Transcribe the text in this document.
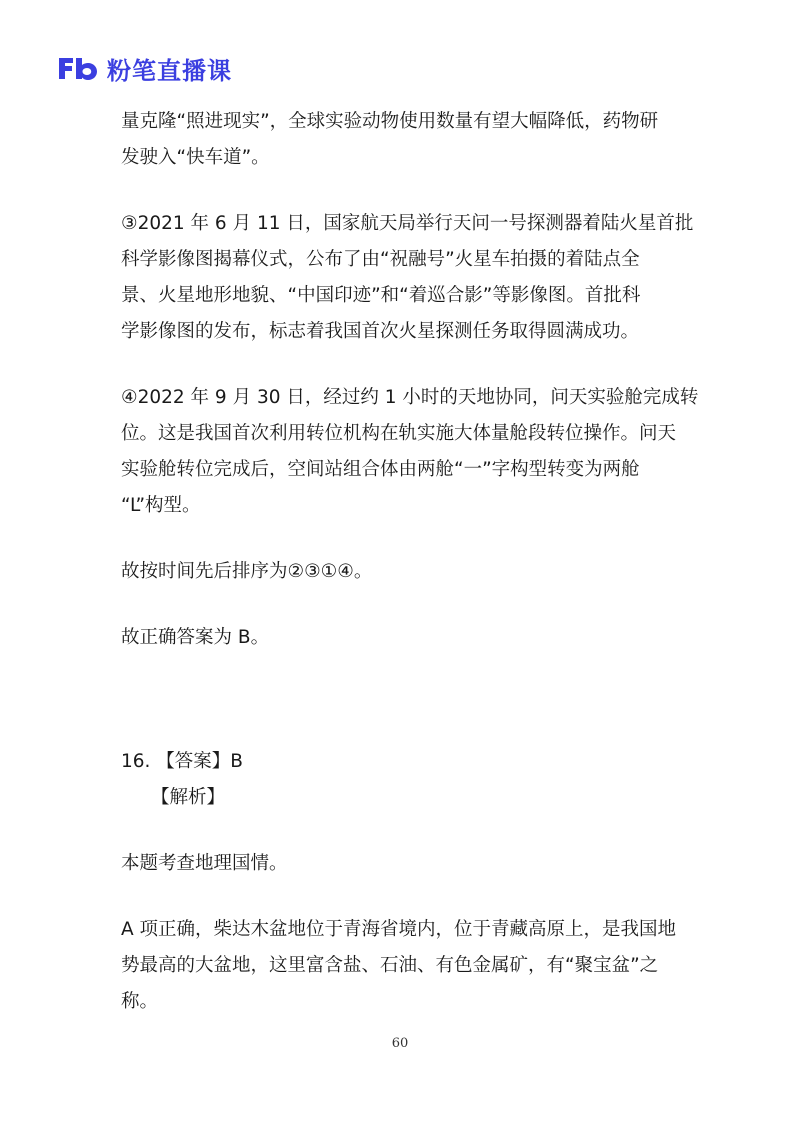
粉笔直播课
量克隆“照进现实”，全球实验动物使用数量有望大幅降低，药物研
发驶入“快车道”。
③2021 年 6 月 11 日，国家航天局举行天问一号探测器着陆火星首批
科学影像图揭幕仪式，公布了由“祝融号”火星车拍摄的着陆点全
景、火星地形地貌、“中国印迹”和“着巡合影”等影像图。首批科
学影像图的发布，标志着我国首次火星探测任务取得圆满成功。
④2022 年 9 月 30 日，经过约 1 小时的天地协同，问天实验舱完成转
位。这是我国首次利用转位机构在轨实施大体量舱段转位操作。问天
实验舱转位完成后，空间站组合体由两舱“一”字构型转变为两舱
“L”构型。
故按时间先后排序为②③①④。
故正确答案为 B。
16. 【答案】B
【解析】
本题考查地理国情。
A 项正确，柴达木盆地位于青海省境内，位于青藏高原上，是我国地
势最高的大盆地，这里富含盐、石油、有色金属矿，有“聚宝盆”之
称。
60
